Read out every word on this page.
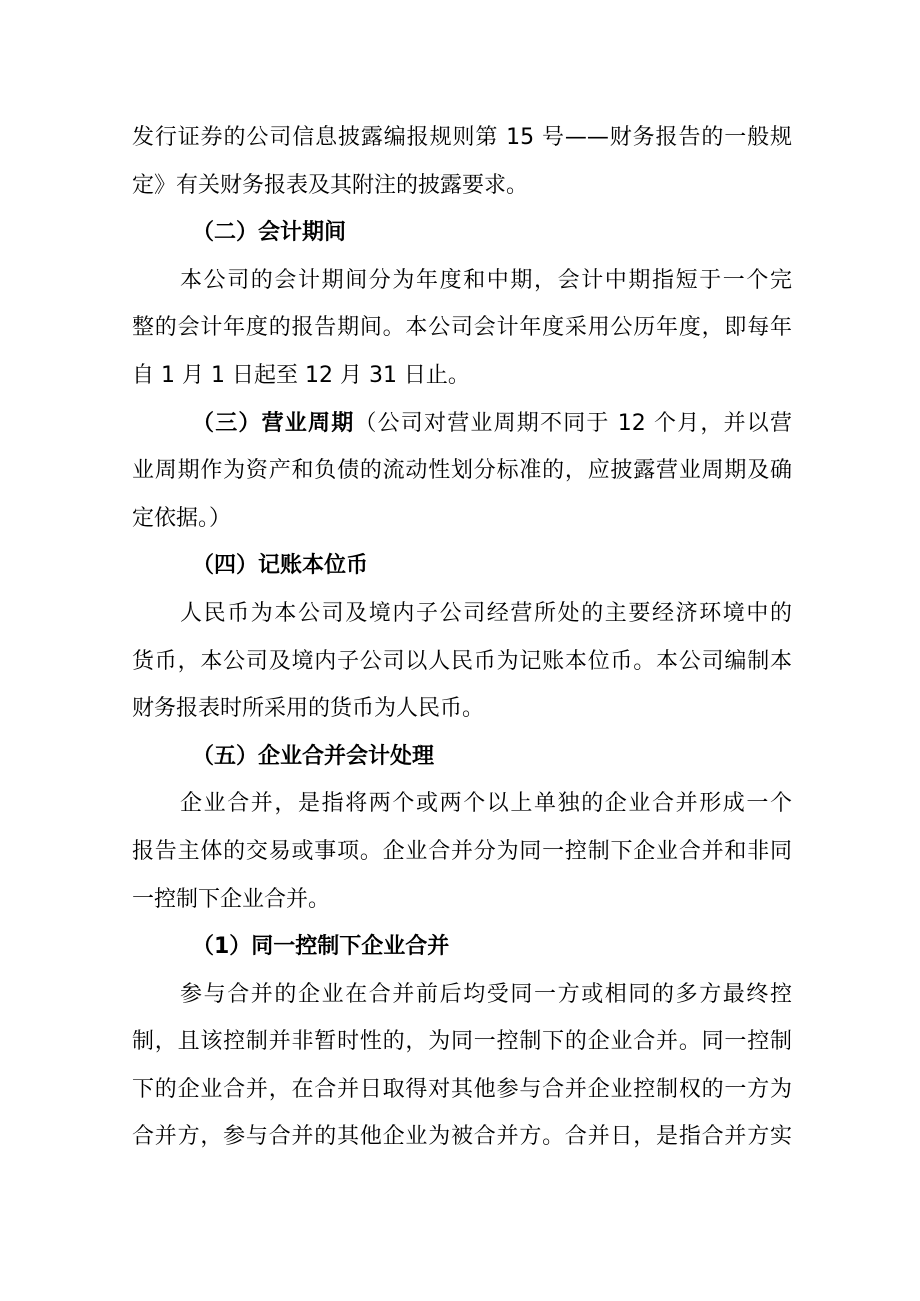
发行证券的公司信息披露编报规则第 15 号——财务报告的一般规
定》有关财务报表及其附注的披露要求。
（二）会计期间
本公司的会计期间分为年度和中期，会计中期指短于一个完
整的会计年度的报告期间。本公司会计年度采用公历年度，即每年
自 1 月 1 日起至 12 月 31 日止。
（三）营业周期（公司对营业周期不同于 12 个月，并以营
业周期作为资产和负债的流动性划分标准的，应披露营业周期及确
定依据。）
（四）记账本位币
人民币为本公司及境内子公司经营所处的主要经济环境中的
货币，本公司及境内子公司以人民币为记账本位币。本公司编制本
财务报表时所采用的货币为人民币。
（五）企业合并会计处理
企业合并，是指将两个或两个以上单独的企业合并形成一个
报告主体的交易或事项。企业合并分为同一控制下企业合并和非同
一控制下企业合并。
（1）同一控制下企业合并
参与合并的企业在合并前后均受同一方或相同的多方最终控
制，且该控制并非暂时性的，为同一控制下的企业合并。同一控制
下的企业合并，在合并日取得对其他参与合并企业控制权的一方为
合并方，参与合并的其他企业为被合并方。合并日，是指合并方实
